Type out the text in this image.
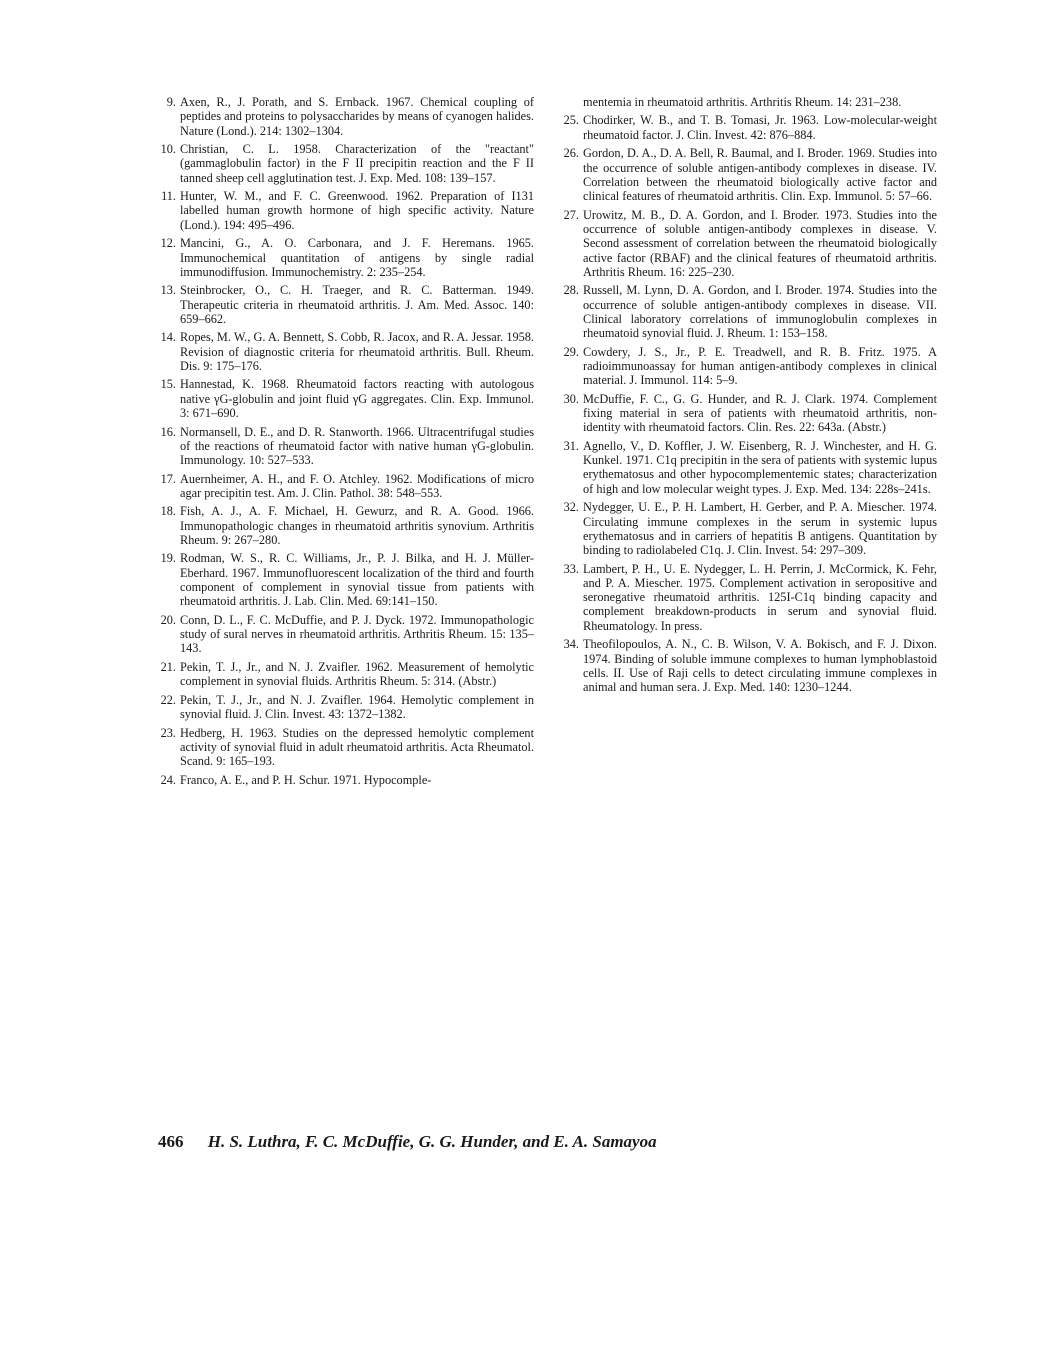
9 . Axen, R., J. Porath, and S. Ernback. 1967. Chemical coupling of peptides and proteins to polysaccharides by means of cyanogen halides. Nature (Lond.). 214: 1302–1304.
10 . Christian, C. L. 1958. Characterization of the "reactant" (gammaglobulin factor) in the F II precipitin reaction and the F II tanned sheep cell agglutination test. J. Exp. Med. 108: 139–157.
11 . Hunter, W. M., and F. C. Greenwood. 1962. Preparation of I131 labelled human growth hormone of high specific activity. Nature (Lond.). 194: 495–496.
12 . Mancini, G., A. O. Carbonara, and J. F. Heremans. 1965. Immunochemical quantitation of antigens by single radial immunodiffusion. Immunochemistry. 2: 235–254.
13 . Steinbrocker, O., C. H. Traeger, and R. C. Batterman. 1949. Therapeutic criteria in rheumatoid arthritis. J. Am. Med. Assoc. 140: 659–662.
14 . Ropes, M. W., G. A. Bennett, S. Cobb, R. Jacox, and R. A. Jessar. 1958. Revision of diagnostic criteria for rheumatoid arthritis. Bull. Rheum. Dis. 9: 175–176.
15 . Hannestad, K. 1968. Rheumatoid factors reacting with autologous native γG-globulin and joint fluid γG aggregates. Clin. Exp. Immunol. 3: 671–690.
16 . Normansell, D. E., and D. R. Stanworth. 1966. Ultracentrifugal studies of the reactions of rheumatoid factor with native human γG-globulin. Immunology. 10: 527–533.
17 . Auernheimer, A. H., and F. O. Atchley. 1962. Modifications of micro agar precipitin test. Am. J. Clin. Pathol. 38: 548–553.
18 . Fish, A. J., A. F. Michael, H. Gewurz, and R. A. Good. 1966. Immunopathologic changes in rheumatoid arthritis synovium. Arthritis Rheum. 9: 267–280.
19 . Rodman, W. S., R. C. Williams, Jr., P. J. Bilka, and H. J. Müller-Eberhard. 1967. Immunofluorescent localization of the third and fourth component of complement in synovial tissue from patients with rheumatoid arthritis. J. Lab. Clin. Med. 69:141–150.
20 . Conn, D. L., F. C. McDuffie, and P. J. Dyck. 1972. Immunopathologic study of sural nerves in rheumatoid arthritis. Arthritis Rheum. 15: 135–143.
21 . Pekin, T. J., Jr., and N. J. Zvaifler. 1962. Measurement of hemolytic complement in synovial fluids. Arthritis Rheum. 5: 314. (Abstr.)
22 . Pekin, T. J., Jr., and N. J. Zvaifler. 1964. Hemolytic complement in synovial fluid. J. Clin. Invest. 43: 1372–1382.
23 . Hedberg, H. 1963. Studies on the depressed hemolytic complement activity of synovial fluid in adult rheumatoid arthritis. Acta Rheumatol. Scand. 9: 165–193.
24 . Franco, A. E., and P. H. Schur. 1971. Hypocomple-
mentemia in rheumatoid arthritis. Arthritis Rheum. 14: 231–238.
25 . Chodirker, W. B., and T. B. Tomasi, Jr. 1963. Low-molecular-weight rheumatoid factor. J. Clin. Invest. 42: 876–884.
26 . Gordon, D. A., D. A. Bell, R. Baumal, and I. Broder. 1969. Studies into the occurrence of soluble antigen-antibody complexes in disease. IV. Correlation between the rheumatoid biologically active factor and clinical features of rheumatoid arthritis. Clin. Exp. Immunol. 5: 57–66.
27 . Urowitz, M. B., D. A. Gordon, and I. Broder. 1973. Studies into the occurrence of soluble antigen-antibody complexes in disease. V. Second assessment of correlation between the rheumatoid biologically active factor (RBAF) and the clinical features of rheumatoid arthritis. Arthritis Rheum. 16: 225–230.
28 . Russell, M. Lynn, D. A. Gordon, and I. Broder. 1974. Studies into the occurrence of soluble antigen-antibody complexes in disease. VII. Clinical laboratory correlations of immunoglobulin complexes in rheumatoid synovial fluid. J. Rheum. 1: 153–158.
29 . Cowdery, J. S., Jr., P. E. Treadwell, and R. B. Fritz. 1975. A radioimmunoassay for human antigen-antibody complexes in clinical material. J. Immunol. 114: 5–9.
30 . McDuffie, F. C., G. G. Hunder, and R. J. Clark. 1974. Complement fixing material in sera of patients with rheumatoid arthritis, non-identity with rheumatoid factors. Clin. Res. 22: 643a. (Abstr.)
31 . Agnello, V., D. Koffler, J. W. Eisenberg, R. J. Winchester, and H. G. Kunkel. 1971. C1q precipitin in the sera of patients with systemic lupus erythematosus and other hypocomplementemic states; characterization of high and low molecular weight types. J. Exp. Med. 134: 228s–241s.
32 . Nydegger, U. E., P. H. Lambert, H. Gerber, and P. A. Miescher. 1974. Circulating immune complexes in the serum in systemic lupus erythematosus and in carriers of hepatitis B antigens. Quantitation by binding to radiolabeled C1q. J. Clin. Invest. 54: 297–309.
33 . Lambert, P. H., U. E. Nydegger, L. H. Perrin, J. McCormick, K. Fehr, and P. A. Miescher. 1975. Complement activation in seropositive and seronegative rheumatoid arthritis. 125I-C1q binding capacity and complement breakdown-products in serum and synovial fluid. Rheumatology. In press.
34 . Theofilopoulos, A. N., C. B. Wilson, V. A. Bokisch, and F. J. Dixon. 1974. Binding of soluble immune complexes to human lymphoblastoid cells. II. Use of Raji cells to detect circulating immune complexes in animal and human sera. J. Exp. Med. 140: 1230–1244.
466 H. S. Luthra, F. C. McDuffie, G. G. Hunder, and E. A. Samayoa
